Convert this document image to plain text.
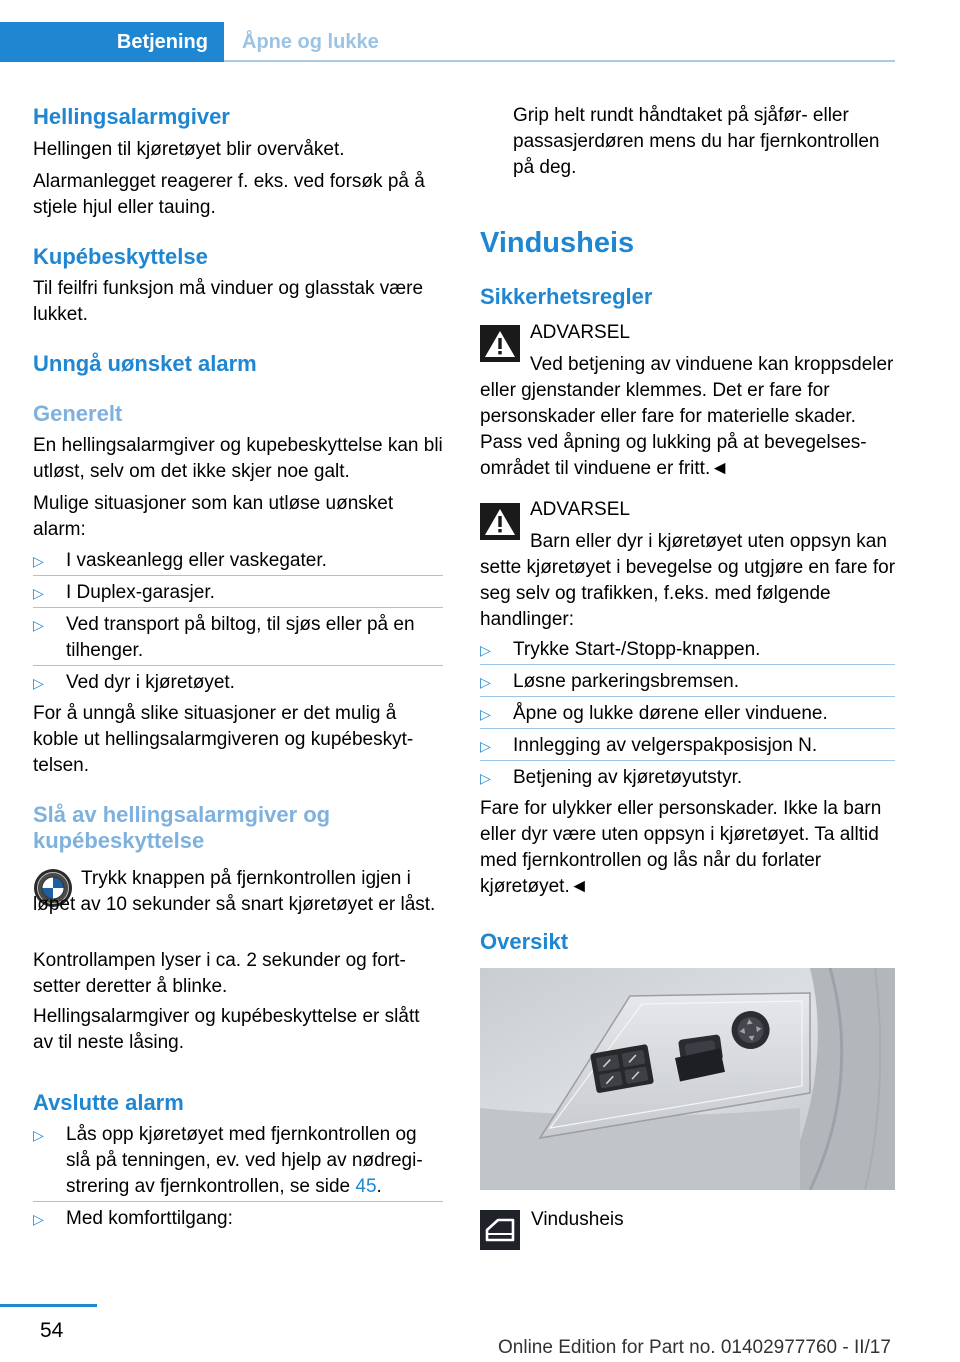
Betjening Åpne og lukke
Hellingsalarmgiver
Hellingen til kjøretøyet blir overvåket.
Alarmanlegget reagerer f. eks. ved forsøk på å stjele hjul eller tauing.
Kupébeskyttelse
Til feilfri funksjon må vinduer og glasstak være lukket.
Unngå uønsket alarm
Generelt
En hellingsalarmgiver og kupebeskyttelse kan bli utløst, selv om det ikke skjer noe galt.
Mulige situasjoner som kan utløse uønsket alarm:
▷	I vaskeanlegg eller vaskegater.
▷	I Duplex-garasjer.
▷	Ved transport på biltog, til sjøs eller på en tilhenger.
▷	Ved dyr i kjøretøyet.
For å unngå slike situasjoner er det mulig å koble ut hellingsalarmgiveren og kupébeskyttelsen.
Slå av hellingsalarmgiver og
kupébeskyttelse
Trykk knappen på fjernkontrollen igjen i løpet av 10 sekunder så snart kjøretøyet er låst.
Kontrollampen lyser i ca. 2 sekunder og fortsetter deretter å blinke.
Hellingsalarmgiver og kupébeskyttelse er slått av til neste låsing.
Avslutte alarm
▷	Lås opp kjøretøyet med fjernkontrollen og slå på tenningen, ev. ved hjelp av nødregistrering av fjernkontrollen, se side 45.
▷	Med komforttilgang:
Grip helt rundt håndtaket på sjåfør- eller passasjerdøren mens du har fjernkontrollen på deg.
Vindusheis
Sikkerhetsregler
ADVARSEL
Ved betjening av vinduene kan kroppsdeler eller gjenstander klemmes. Det er fare for personskader eller fare for materielle skader. Pass ved åpning og lukking på at bevegelsesområdet til vinduene er fritt.◄
ADVARSEL
Barn eller dyr i kjøretøyet uten oppsyn kan sette kjøretøyet i bevegelse og utgjøre en fare for seg selv og trafikken, f.eks. med følgende handlinger:
▷	Trykke Start-/Stopp-knappen.
▷	Løsne parkeringsbremsen.
▷	Åpne og lukke dørene eller vinduene.
▷	Innlegging av velgerspakposisjon N.
▷	Betjening av kjøretøyutstyr.
Fare for ulykker eller personskader. Ikke la barn eller dyr være uten oppsyn i kjøretøyet. Ta alltid med fjernkontrollen og lås når du forlater kjøretøyet.◄
Oversikt
Vindusheis
54
Online Edition for Part no. 01402977760 - II/17
